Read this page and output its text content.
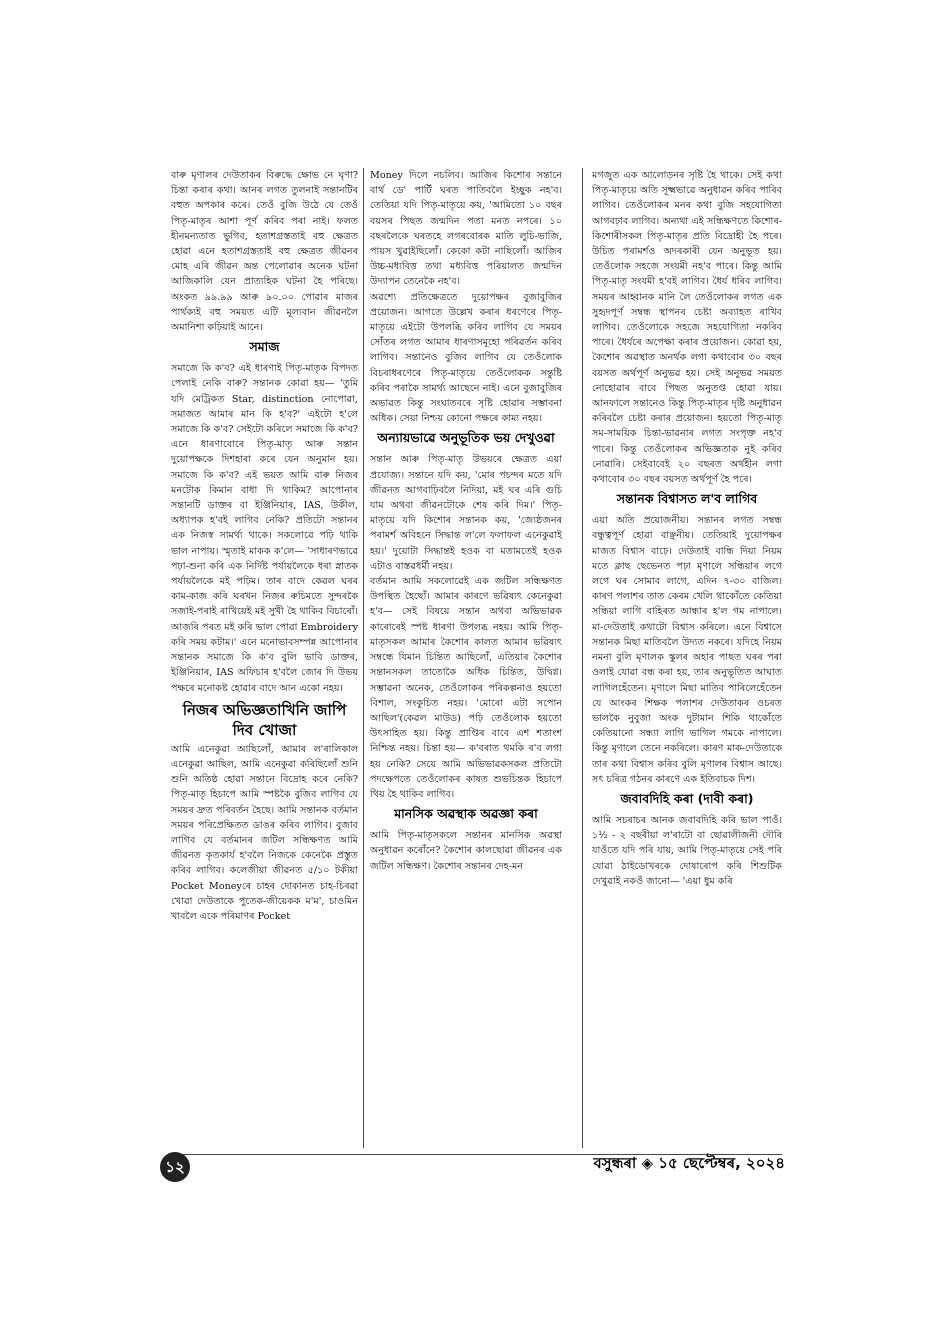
বাৰু মৃণালৰ দেউতাকৰ বিৰুদ্ধে ক্ষোভ নে ঘৃণা? চিন্তা কৰাৰ কথা। আনৰ লগত তুলনাই সন্তানটিৰ বহুত অপকাৰ কৰে। তেওঁ বুজি উঠে যে তেওঁ পিতৃ-মাতৃৰ আশা পূৰ্ণ কৰিব পৰা নাই। ফলত হীনমন্যতাত ভুগিব, হতাশগ্ৰস্ততাই বহু ক্ষেত্ৰত হোৱা এনে হতাশগ্ৰস্ততাই বহু ক্ষেত্ৰত জীৱনৰ মোহ এৰি জীৱন অন্ত পেলোৱাৰ অনেক ঘটনা আজিকালি যেন প্ৰাত্যহিক ঘটনা হৈ পৰিছে। অংকত ৯৯.৯৯ আৰু ৯০.০০ পোৱাৰ মাজৰ পাৰ্থক্যই বহু সময়ত এটি মূল্যবান জীৱনলৈ অমানিশা কঢ়িয়াই আনে।

সমাজ

সমাজে কি ক'ব? এই ধাৰণাই পিতৃ-মাতৃক বিপদত পেলাই নেকি বাৰু? সন্তানক কোৱা হয়— 'তুমি যদি মেট্ৰিকত Star, distinction নোপোৱা, সমাজত আমাৰ মান কি হ'ব?' এইটো হ'লে সমাজে কি ক'ব? সেইটো কৰিলে সমাজে কি ক'ব? এনে ধাৰণাবোৰে পিতৃ-মাতৃ আৰু সন্তান দুয়োপক্ষকে দিশহাৰা কৰে যেন অনুমান হয়। সমাজে কি ক'ব? এই ভয়ত আমি বাৰু নিজৰ মনটোক কিমান বাধা দি থাকিম? আপোনাৰ সন্তানটি ডাক্তৰ বা ইঞ্জিনিয়াৰ, IAS, উকীল, অধ্যাপক হ'বই লাগিব নেকি? প্ৰতিটো সন্তানৰ এক নিজস্ব সামৰ্থ্য থাকে। সকলোৱে পঢ়ি থাকি ভাল নাপায়। স্মৃতাই মাকক ক'লে— 'সাধাৰণভাৱে পঢ়া-শুনা কৰি এক নিৰ্দিষ্ট পৰ্যায়লৈকে ধৰা স্নাতক পৰ্যায়লৈকে মই পঢ়িম। তাৰ বাদে কেৱল ঘৰৰ কাম-কাজ কৰি ঘৰখন নিজৰ ৰুচিমতে সুন্দৰকৈ সজাই-পৰাই ৰাখিয়েই মই সুখী হৈ থাকিব বিচাৰোঁ। আজৰি পৰত মই কৰি ভাল পোৱা Embroidery কৰি সময় কটাম।' এনে মনোভাবসম্পন্ন আপোনাৰ সন্তানক সমাজে কি ক'ব বুলি ভাবি ডাক্তৰ, ইঞ্জিনিয়াৰ, IAS অফিচাৰ হ'বলৈ জোৰ দি উভয় পক্ষৰে মনোকষ্ট হোৱাৰ বাদে আন একো নহয়।

নিজৰ অভিজ্ঞতাখিনি জাপি দিব খোজা

আমি এনেকুৱা আছিলোঁ, আমাৰ ল'ৰালিকাল এনেকুৱা আছিল, আমি এনেকুৱা কৰিছিলোঁ শুনি শুনি অতিষ্ঠ হোৱা সন্তানে বিদ্ৰোহ কৰে নেকি? পিতৃ-মাতৃ হিচাপে আমি স্পষ্টকৈ বুজিব লাগিব যে সময়ৰ দ্ৰুত পৰিবৰ্তন হৈছে। আমি সন্তানক বৰ্তমান সময়ৰ পৰিপ্ৰেক্ষিতত ডাঙৰ কৰিব লাগিব। বুজাব লাগিব যে বৰ্তমানৰ জটিল সন্ধিক্ষণত আমি জীৱনত কৃতকাৰ্য হ'বলৈ নিজকে কেনেকৈ প্ৰস্তুত কৰিব লাগিব। কলেজীয়া জীৱনত ৫/১০ টকীয়া Pocket Moneyৰে চাহৰ দোকানত চাহ-চিৰৱা খোৱা দেউতাকে পুতেক-জীয়েকক ম'ম', চাওমিন খাবলৈ একে পৰিমাণৰ Pocket

Money দিলে নচলিব। আজিৰ কিশোৰ সন্তানে বাৰ্থ ডে' পাৰ্টি ঘৰত পাতিবলৈ ইচ্ছুক নহ'ব। তেতিয়া যদি পিতৃ-মাতৃয়ে কয়, 'আমিতো ১০ বছৰ বয়সৰ পিছত জন্মদিন পতা মনত নপৰে। ১০ বছৰলৈকে ঘৰতহে লগৰবোৰক মাতি লুচি-ভাজি, পায়স খুৱাইছিলোঁ। কেকো কটা নাছিলোঁ। আজিৰ উচ্চ-মধ্যবিত্ত তথা মধ্যবিত্ত পৰিয়ালত জন্মদিন উদ্যাপন তেনেকৈ নহ'ব।

অৱশ্যে প্ৰতিক্ষেত্ৰতে দুয়োপক্ষৰ বুজাবুজিৰ প্ৰয়োজন। আগতে উল্লেখ কৰাৰ ধৰণেৰে পিতৃ-মাতৃয়ে এইটো উপলব্ধি কৰিব লাগিব যে সময়ৰ সোঁতৰ লগত আমাৰ ধাৰণাসমূহো পৰিৱৰ্তন কৰিব লাগিব। সন্তানেও বুজিব লাগিব যে তেওঁলোক বিচৰাধৰণেৰে পিতৃ-মাতৃয়ে তেওঁলোকক সন্তুষ্টি কৰিব পৰাকৈ সামৰ্থ্য আছেনে নাই। এনে বুজাবুজিৰ অভাৱত কিন্তু সংঘাতবৰে সৃষ্টি হোৱাৰ সম্ভাবনা অধিক। সেয়া নিশ্চয় কোনো পক্ষৰে কাম্য নহয়।

অন্যায়ভাৱে অনুভূতিক ভয় দেখুওৱা

সন্তান আৰু পিতৃ-মাতৃ উভয়ৰে ক্ষেত্ৰত এয়া প্ৰযোজ্য। সন্তানে যদি কয়, 'মোৰ পচন্দৰ মতে যদি জীৱনত আগবাঢ়িবলৈ নিদিয়া, মই ঘৰ এৰি গুচি যাম অথবা জীৱনটোকে শেষ কৰি দিম।' পিতৃ-মাতৃয়ে যদি কিশোৰ সন্তানক কয়, 'জ্যেষ্ঠজনৰ পৰামৰ্শ অবিহনে সিদ্ধান্ত ল'লে ফলাফল এনেকুৱাই হয়।' দুয়োটা সিদ্ধান্তই হওক বা মতামতেই হওক এটাও বাস্তৱধৰ্মী নহয়।

বৰ্তমান আমি সকলোৱেই এক জটিল সন্ধিক্ষণত উপস্থিত হৈছোঁ। আমাৰ কাৰণে ভৱিষ্যৎ কেনেকুৱা হ'ব— সেই বিষয়ে সন্তান অথবা অভিভাৱক কাৰোৰেই স্পষ্ট ধাৰণা উপলব্ধ নহয়। আমি পিতৃ-মাতৃসকল আমাৰ কৈশোৰ কালত আমাৰ ভৱিষ্যৎ সম্বন্ধে যিমান চিন্তিত আছিলোঁ, এতিয়াৰ কৈশোৰ সন্তানসকল তাতোকৈ অধিক চিন্তিত, উদ্বিগ্ন। সম্ভাৱনা অনেক, তেওঁলোকৰ পৰিকল্পনাও হয়তো বিশাল, সংকুচিত নহয়। 'মোৰো এটা সপোন আছিল'(কেৱল মাউড) পঢ়ি তেওঁলোক হয়তো উৎসাহিত হয়। কিন্তু প্ৰাপ্তিৰ বাবে এশ শতাংশ নিশ্চিন্ত নহয়। চিন্তা হয়— ক'বৰাত থমকি ৰ'ব লগা হয় নেকি? সেয়ে আমি অভিভাৱকসকল প্ৰতিটো পদক্ষেপতে তেওঁলোকৰ কাষত শুভচিন্তক হিচাপে থিয় হৈ থাকিব লাগিব।

মানসিক অৱস্থাক অৱজ্ঞা কৰা

আমি পিতৃ-মাতৃসকলে সন্তানৰ মানসিক অৱস্থা অনুধাৱন কৰোঁনে? কৈশোৰ কালছোৱা জীৱনৰ এক জটিল সন্ধিক্ষণ। কৈশোৰ সন্তানৰ দেহ-মন

মগজুত এক আলোড়নৰ সৃষ্টি হৈ থাকে। সেই কথা পিতৃ-মাতৃয়ে অতি সূক্ষ্মভাৱে অনুধাৱন কৰিব পাৰিব লাগিব। তেওঁলোকৰ মনৰ কথা বুজি সহযোগিতা আগবঢ়াব লাগিব। অন্যথা এই সন্ধিক্ষণতে কিশোৰ-কিশোৰীসকল পিতৃ-মাতৃৰ প্ৰতি বিদ্ৰোহী হৈ পৰে। উচিত পৰামৰ্শও অদৰকাৰী যেন অনুভূত হয়। তেওঁলোক সহজে সংযমী নহ'ব পাৰে। কিন্তু আমি পিতৃ-মাতৃ সংযমী হ'বই লাগিব। ধৈৰ্য ধৰিব লাগিব। সময়ৰ আহ্বানক মানি লৈ তেওঁলোকৰ লগত এক সুহৃদপূৰ্ণ সম্বন্ধ স্থাপনৰ চেষ্টা অব্যাহত ৰাখিব লাগিব। তেওঁলোকে সহজে সহযোগিতা নকৰিব পাৰে। ধৈৰ্যৰে অপেক্ষা কৰাৰ প্ৰয়োজন। কোৱা হয়, কৈশোৰ অৱস্থাত অনৰ্থক লগা কথাবোৰ ৩০ বছৰ বয়সত অৰ্থপূৰ্ণ অনুভৱ হয়। সেই অনুভৱ সময়ত নোহোৱাৰ বাবে পিছত অনুতপ্ত হোৱা যায়। আনফালে সন্তানেও কিন্তু পিতৃ-মাতৃৰ দৃষ্টি অনুধাৱন কৰিবলৈ চেষ্টা কৰাৰ প্ৰয়োজন। হয়তো পিতৃ-মাতৃ সম-সাময়িক চিন্তা-ভাৱনাৰ লগত সংপৃক্ত নহ'ব পাৰে। কিন্তু তেওঁলোকৰ অভিজ্ঞতাক নুই কৰিব নোৱাৰি। সেইবাবেই ২০ বছৰত অৰ্থহীন লগা কথাবোৰ ৩০ বছৰ বয়সত অৰ্থপূৰ্ণ হৈ পৰে।

সন্তানক বিশ্বাসত ল'ব লাগিব

এয়া অতি প্ৰয়োজনীয়। সন্তানৰ লগত সম্বন্ধ বন্ধুত্বপূৰ্ণ হোৱা বাঞ্ছনীয়। তেতিয়াই দুয়োপক্ষৰ মাজত বিশ্বাস বাঢ়ে। দেউতাই বান্ধি দিয়া নিয়ম মতে ক্লাছ ছেভেনত পঢ়া মৃণালে সন্ধিয়াৰ লগে লগে ঘৰ সোমাব লাগে, এদিন ৭-৩০ বাজিল। কাৰণ পলাশৰ তাত কেৰম খেলি থাকোঁতে কেতিয়া সন্ধিয়া লাগি বাহিৰত আন্ধাৰ হ'ল গম নাপালে। মা-দেউতাই কথাটো বিশ্বাস কৰিলে। এনে বিশ্বাসে সন্তানক মিছা মাতিবলৈ উদ্যত নকৰে। যদিহে নিয়ম নমনা বুলি মৃণালক স্কুলৰ অহাৰ পাছত ঘৰৰ পৰা ওলাই যোৱা বন্ধ কৰা হয়, তাৰ অনুভূতিত আঘাত লাগিলহেঁতেন। মৃণালে মিছা মাতিব পাৰিলেহেঁতেন যে আংকৰ শিক্ষক পলাশৰ দেউতাকৰ ওচৰত ভালকৈ নুবুজা অংক দুটামান শিকি থাকোঁতে কেতিয়ানো সন্ধ্যা লাগি ভাগিল গমকে নাপালে। কিন্তু মৃণালে তেনে নকৰিলে। কাৰণ মাক-দেউতাকে তাৰ কথা বিশ্বাস কৰিব বুলি মৃণালৰ বিশ্বাস আছে। সৎ চৰিত্ৰ গঠনৰ কাৰণে এক ইতিবাচক দিশ।

জবাবদিহি কৰা (দাবী কৰা)

আমি সচৰাচৰ আনক জবাবদিহি কৰি ভাল পাওঁ। ১½ - ২ বছৰীয়া ল'ৰাটো বা ছোৱালীজনী দৌৰি যাওঁতে যদি পৰি যায়, আমি পিতৃ-মাতৃয়ে সেই পৰি যোৱা ঠাইডোখৰকে দোষাৰোপ কৰি শিশুটিক দেখুৱাই নকওঁ জানো— 'এয়া ধুম কৰি

১২	বসুন্ধৰা ◈ ১৫ ছেপ্টেম্বৰ, ২০২৪
